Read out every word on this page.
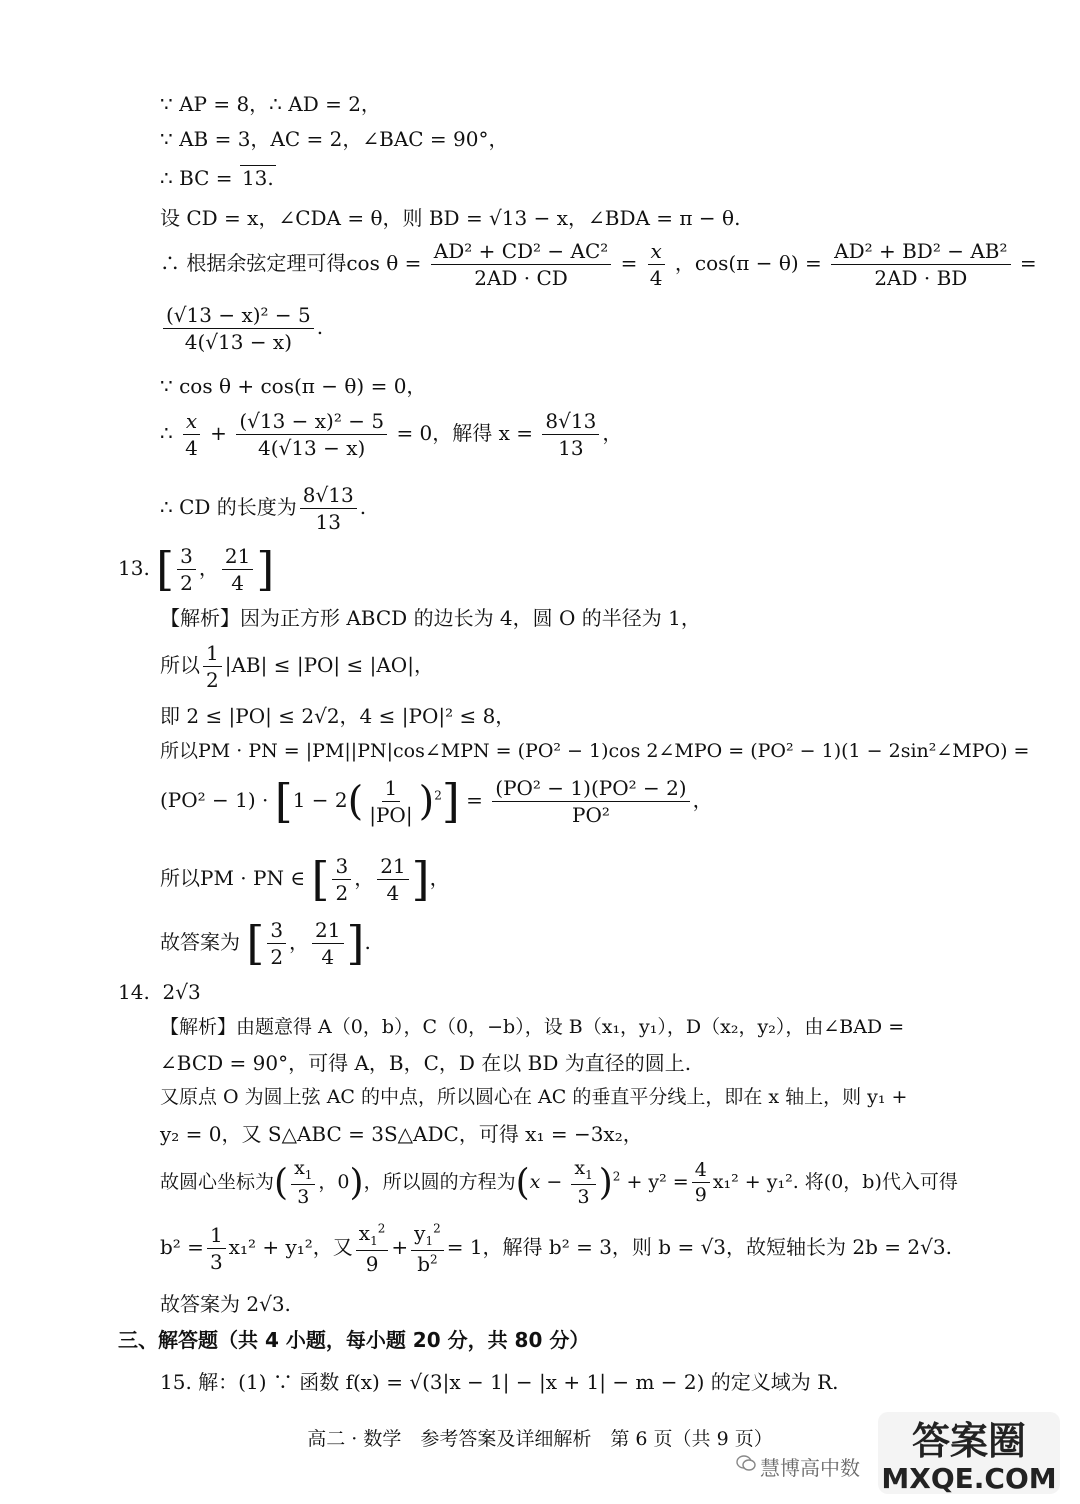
∵ AP = 8，∴ AD = 2，
∵ AB = 3，AC = 2，∠BAC = 90°，
∴ BC = 13.
设 CD = x，∠CDA = θ，则 BD = √13 − x，∠BDA = π − θ.
∴ 根据余弦定理可得$\cos \theta = \frac{\text{AD² + CD² − AC²}}{2AD \cdot CD} = \frac{x}{4}$ ，$\cos(\pi - \theta) = \frac{\text{AD² + BD² − AB²}}{2AD \cdot BD}$ =
$\frac{\text{(√13 − x)² − 5}}{4(√13 - x)}$ .
∵ cos θ + cos(π − θ) = 0，
∴ $\frac{x}{4} + \frac{\text{(√13 − x)² − 5}}{4(√13 - x)} = 0$，解得 $x = \frac{8√13}{13}$ ，
∴ CD 的长度为 $\frac{8√13}{13}$ .
13. [ $\frac{3}{2}$ ， $\frac{21}{4}$ ]
【解析】因为正方形 ABCD 的边长为 4，圆 O 的半径为 1，
所以 $\frac{1}{2} |AB| \le |PO| \le |AO|$，
即 2 ≤ |PO| ≤ 2√2，4 ≤ |PO|² ≤ 8，
所以PM · PN = |PM||PN|cos∠MPN = (PO² − 1)cos 2∠MPO = (PO² − 1)(1 − 2sin²∠MPO) =
$(PO^2 - 1) \cdot [1 - 2( \frac{1}{|PO|} )^2] = \frac{\text{(PO² − 1)(PO² − 2)}}{\text{PO²}}$ ，
所以PM · PN ∈ [ $\frac{3}{2}$ ， $\frac{21}{4}$ ]，
故答案为 [ $\frac{3}{2}$ ， $\frac{21}{4}$ ].
14. 2√3
【解析】由题意得 A（0，b），C（0，−b），设 B（x₁，y₁），D（x₂，y₂），由∠BAD =
∠BCD = 90°，可得 A，B，C，D 在以 BD 为直径的圆上.
又原点 O 为圆上弦 AC 的中点，所以圆心在 AC 的垂直平分线上，即在 x 轴上，则 y₁ +
y₂ = 0，又 S△ABC = 3S△ADC，可得 x₁ = −3x₂，
故圆心坐标为( $\frac{x_1}{3}$ ，0)，所以圆的方程为$(x - \frac{x_1}{3} )^2 + y^2 = \frac{4}{9} x_1^2 + y_1^2$. 将(0，b)代入可得
$b^2 = \frac{1}{3} x_1^2 + y_1^2$，又 $\frac{x_1^2}{9} + \frac{y_1^2}{b^2} = 1$，解得 b² = 3，则 b = √3，故短轴长为 2b = 2√3.
故答案为 2√3.
三、解答题（共 4 小题，每小题 20 分，共 80 分）
15. 解：(1) ∵ 函数 f(x) = √(3|x − 1| − |x + 1| − m − 2) 的定义域为 R.
高二 · 数学　参考答案及详细解析　第 6 页（共 9 页）
慧博高中数
答案圈
MXQE.COM
